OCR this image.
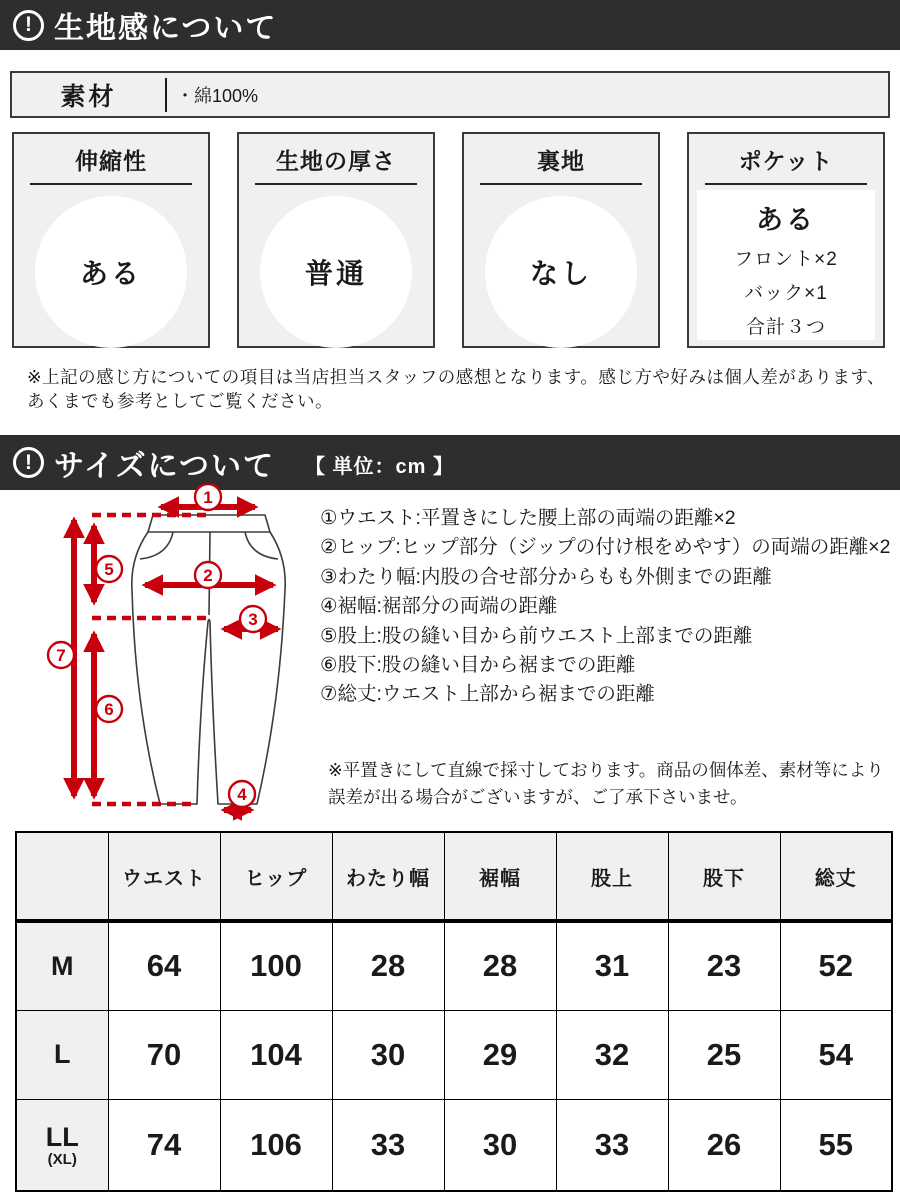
! 生地感について
素材	・綿100%
伸縮性
ある
生地の厚さ
普通
裏地
なし
ポケット
ある
フロント×2
バック×1
合計３つ
※上記の感じ方についての項目は当店担当スタッフの感想となります。感じ方や好みは個人差があります、
あくまでも参考としてご覧ください。
! サイズについて 【 単位：cm 】
1
2
3
4
5
6
7
①ウエスト:平置きにした腰上部の両端の距離×2
②ヒップ:ヒップ部分（ジップの付け根をめやす）の両端の距離×2
③わたり幅:内股の合せ部分からもも外側までの距離
④裾幅:裾部分の両端の距離
⑤股上:股の縫い目から前ウエスト上部までの距離
⑥股下:股の縫い目から裾までの距離
⑦総丈:ウエスト上部から裾までの距離
※平置きにして直線で採寸しております。商品の個体差、素材等により
誤差が出る場合がございますが、ご了承下さいませ。
	ウエスト	ヒップ	わたり幅	裾幅	股上	股下	総丈
M	64	100	28	28	31	23	52
L	70	104	30	29	32	25	54
LL
(XL)	74	106	33	30	33	26	55
